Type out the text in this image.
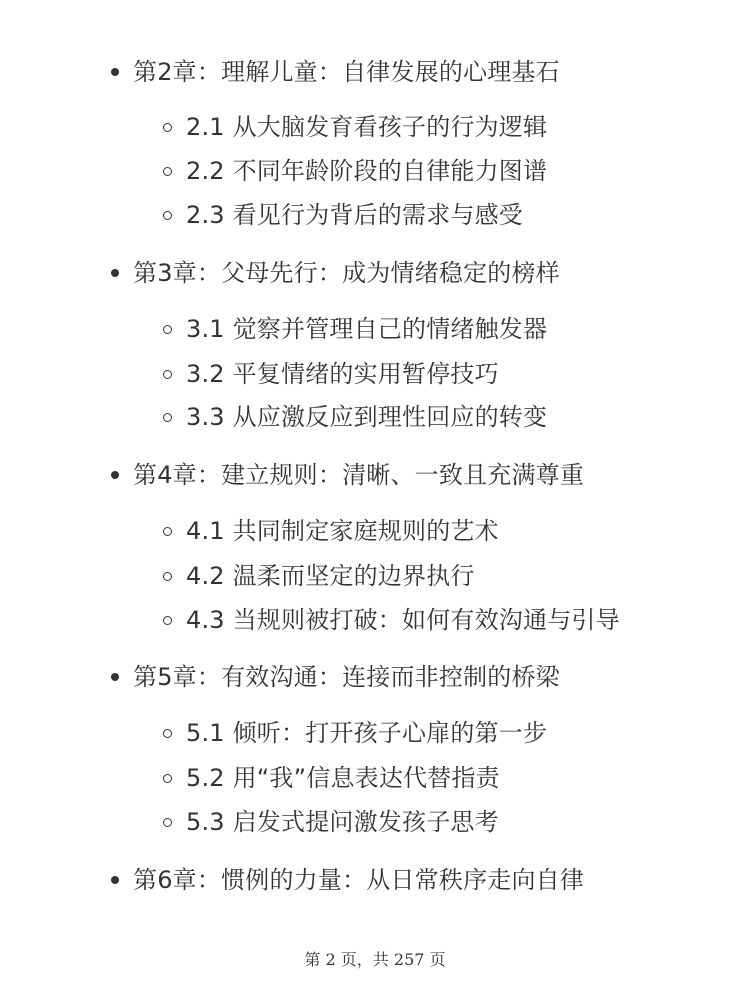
第2章：理解儿童：自律发展的心理基石
2.1 从大脑发育看孩子的行为逻辑
2.2 不同年龄阶段的自律能力图谱
2.3 看见行为背后的需求与感受
第3章：父母先行：成为情绪稳定的榜样
3.1 觉察并管理自己的情绪触发器
3.2 平复情绪的实用暂停技巧
3.3 从应激反应到理性回应的转变
第4章：建立规则：清晰、一致且充满尊重
4.1 共同制定家庭规则的艺术
4.2 温柔而坚定的边界执行
4.3 当规则被打破：如何有效沟通与引导
第5章：有效沟通：连接而非控制的桥梁
5.1 倾听：打开孩子心扉的第一步
5.2 用“我”信息表达代替指责
5.3 启发式提问激发孩子思考
第6章：惯例的力量：从日常秩序走向自律
第 2 页，共 257 页
